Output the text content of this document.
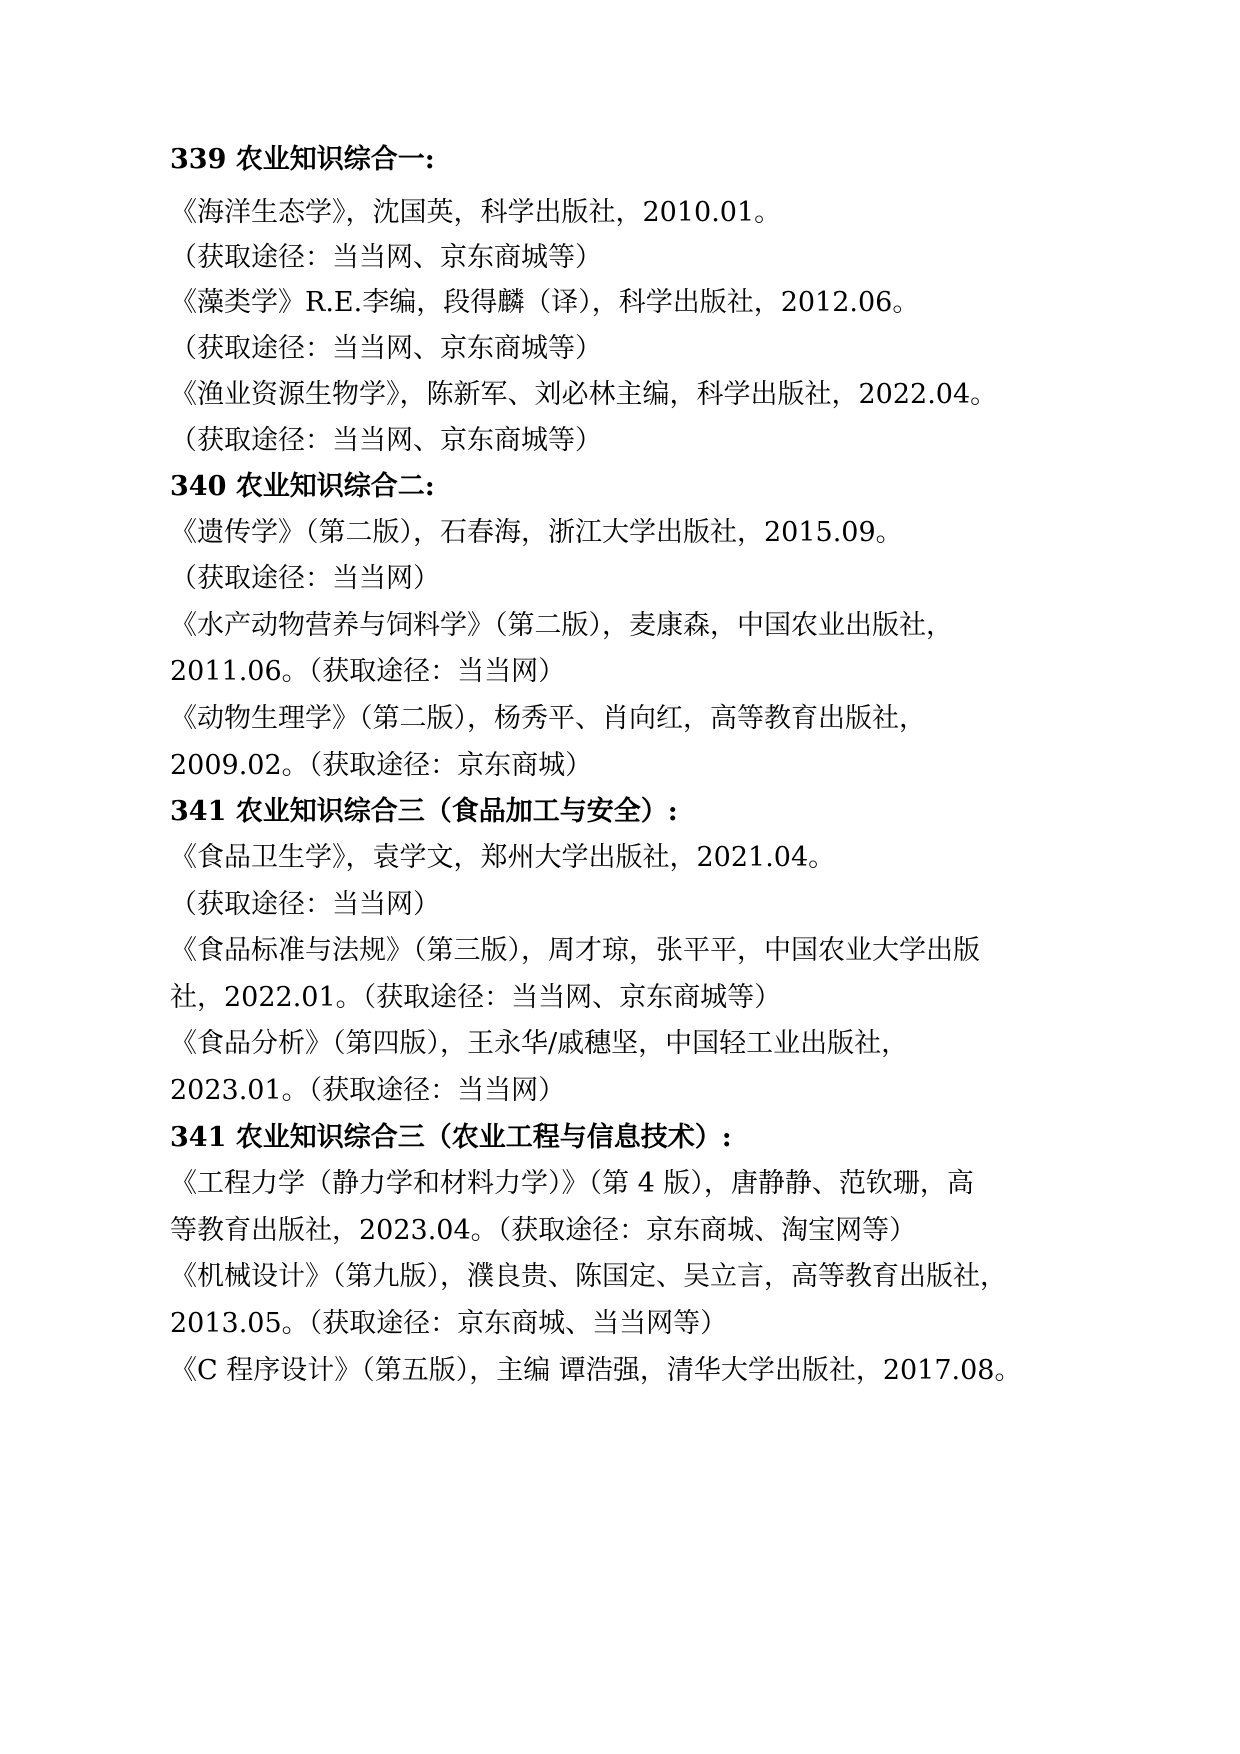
339 农业知识综合一:
《海洋生态学》，沈国英，科学出版社，2010.01。
（获取途径：当当网、京东商城等）
《藻类学》R.E.李编，段得麟（译），科学出版社，2012.06。
（获取途径：当当网、京东商城等）
《渔业资源生物学》，陈新军、刘必林主编，科学出版社，2022.04。
（获取途径：当当网、京东商城等）
340 农业知识综合二:
《遗传学》（第二版），石春海，浙江大学出版社，2015.09。
（获取途径：当当网）
《水产动物营养与饲料学》（第二版），麦康森，中国农业出版社，
2011.06。（获取途径：当当网）
《动物生理学》（第二版），杨秀平、肖向红，高等教育出版社，
2009.02。（获取途径：京东商城）
341 农业知识综合三（食品加工与安全）:
《食品卫生学》，袁学文，郑州大学出版社，2021.04。
（获取途径：当当网）
《食品标准与法规》（第三版），周才琼，张平平，中国农业大学出版
社，2022.01。（获取途径：当当网、京东商城等）
《食品分析》（第四版），王永华/戚穗坚，中国轻工业出版社，
2023.01。（获取途径：当当网）
341 农业知识综合三（农业工程与信息技术）:
《工程力学（静力学和材料力学）》（第 4 版），唐静静、范钦珊，高
等教育出版社，2023.04。（获取途径：京东商城、淘宝网等）
《机械设计》（第九版），濮良贵、陈国定、吴立言，高等教育出版社，
2013.05。（获取途径：京东商城、当当网等）
《C 程序设计》（第五版），主编 谭浩强，清华大学出版社，2017.08。
